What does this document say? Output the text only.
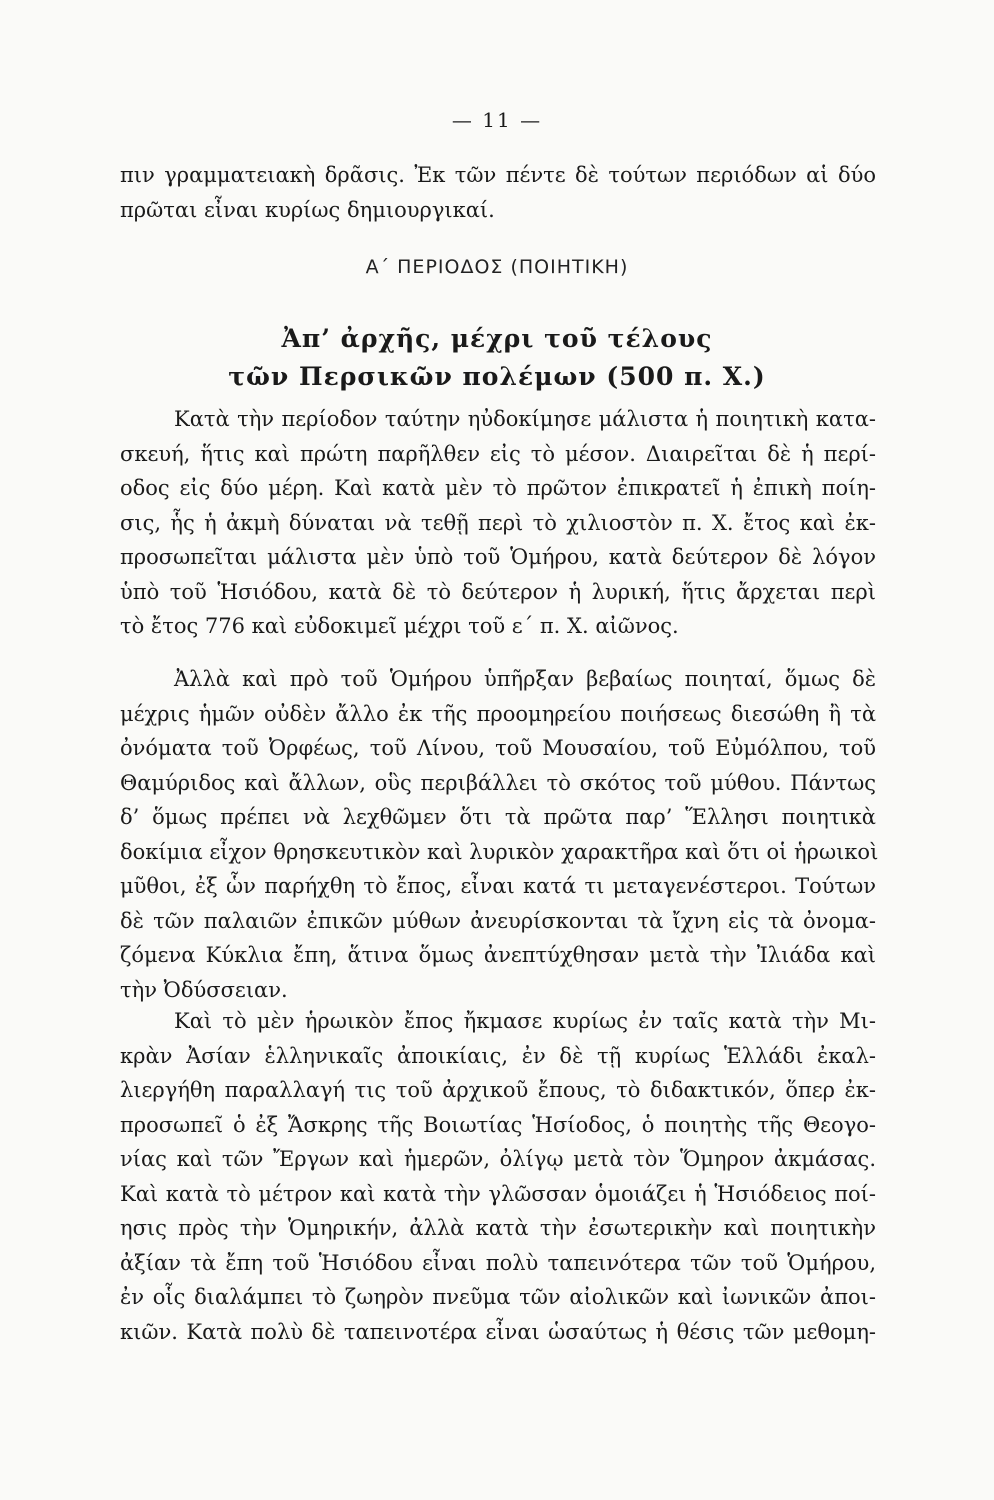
— 11 —
πιν γραμματειακὴ δρᾶσις. Ἐκ τῶν πέντε δὲ τούτων περιόδων αἱ δύο
πρῶται εἶναι κυρίως δημιουργικαί.
Α΄ ΠΕΡΙΟΔΟΣ (ΠΟΙΗΤΙΚΗ)
Ἀπ’ ἀρχῆς, μέχρι τοῦ τέλους
τῶν Περσικῶν πολέμων (500 π. Χ.)
Κατὰ τὴν περίοδον ταύτην ηὐδοκίμησε μάλιστα ἡ ποιητικὴ κατα-
σκευή, ἥτις καὶ πρώτη παρῆλθεν εἰς τὸ μέσον. Διαιρεῖται δὲ ἡ περί-
οδος εἰς δύο μέρη. Καὶ κατὰ μὲν τὸ πρῶτον ἐπικρατεῖ ἡ ἐπικὴ ποίη-
σις, ἧς ἡ ἀκμὴ δύναται νὰ τεθῇ περὶ τὸ χιλιοστὸν π. Χ. ἔτος καὶ ἐκ-
προσωπεῖται μάλιστα μὲν ὑπὸ τοῦ Ὁμήρου, κατὰ δεύτερον δὲ λόγον
ὑπὸ τοῦ Ἡσιόδου, κατὰ δὲ τὸ δεύτερον ἡ λυρική, ἥτις ἄρχεται περὶ
τὸ ἔτος 776 καὶ εὐδοκιμεῖ μέχρι τοῦ ε΄ π. Χ. αἰῶνος.
Ἀλλὰ καὶ πρὸ τοῦ Ὁμήρου ὑπῆρξαν βεβαίως ποιηταί, ὅμως δὲ
μέχρις ἡμῶν οὐδὲν ἄλλο ἐκ τῆς προομηρείου ποιήσεως διεσώθη ἢ τὰ
ὀνόματα τοῦ Ὀρφέως, τοῦ Λίνου, τοῦ Μουσαίου, τοῦ Εὐμόλπου, τοῦ
Θαμύριδος καὶ ἄλλων, οὓς περιβάλλει τὸ σκότος τοῦ μύθου. Πάντως
δ’ ὅμως πρέπει νὰ λεχθῶμεν ὅτι τὰ πρῶτα παρ’ Ἕλλησι ποιητικὰ
δοκίμια εἶχον θρησκευτικὸν καὶ λυρικὸν χαρακτῆρα καὶ ὅτι οἱ ἡρωικοὶ
μῦθοι, ἐξ ὧν παρήχθη τὸ ἔπος, εἶναι κατά τι μεταγενέστεροι. Τούτων
δὲ τῶν παλαιῶν ἐπικῶν μύθων ἀνευρίσκονται τὰ ἴχνη εἰς τὰ ὀνομα-
ζόμενα Κύκλια ἔπη, ἅτινα ὅμως ἀνεπτύχθησαν μετὰ τὴν Ἰλιάδα καὶ
τὴν Ὀδύσσειαν.
Καὶ τὸ μὲν ἡρωικὸν ἔπος ἤκμασε κυρίως ἐν ταῖς κατὰ τὴν Μι-
κρὰν Ἀσίαν ἑλληνικαῖς ἀποικίαις, ἐν δὲ τῇ κυρίως Ἑλλάδι ἐκαλ-
λιεργήθη παραλλαγή τις τοῦ ἀρχικοῦ ἔπους, τὸ διδακτικόν, ὅπερ ἐκ-
προσωπεῖ ὁ ἐξ Ἄσκρης τῆς Βοιωτίας Ἡσίοδος, ὁ ποιητὴς τῆς Θεογο-
νίας καὶ τῶν Ἔργων καὶ ἡμερῶν, ὀλίγῳ μετὰ τὸν Ὅμηρον ἀκμάσας.
Καὶ κατὰ τὸ μέτρον καὶ κατὰ τὴν γλῶσσαν ὁμοιάζει ἡ Ἡσιόδειος ποί-
ησις πρὸς τὴν Ὁμηρικήν, ἀλλὰ κατὰ τὴν ἐσωτερικὴν καὶ ποιητικὴν
ἀξίαν τὰ ἔπη τοῦ Ἡσιόδου εἶναι πολὺ ταπεινότερα τῶν τοῦ Ὁμήρου,
ἐν οἷς διαλάμπει τὸ ζωηρὸν πνεῦμα τῶν αἰολικῶν καὶ ἰωνικῶν ἀποι-
κιῶν. Κατὰ πολὺ δὲ ταπεινοτέρα εἶναι ὡσαύτως ἡ θέσις τῶν μεθομη-
